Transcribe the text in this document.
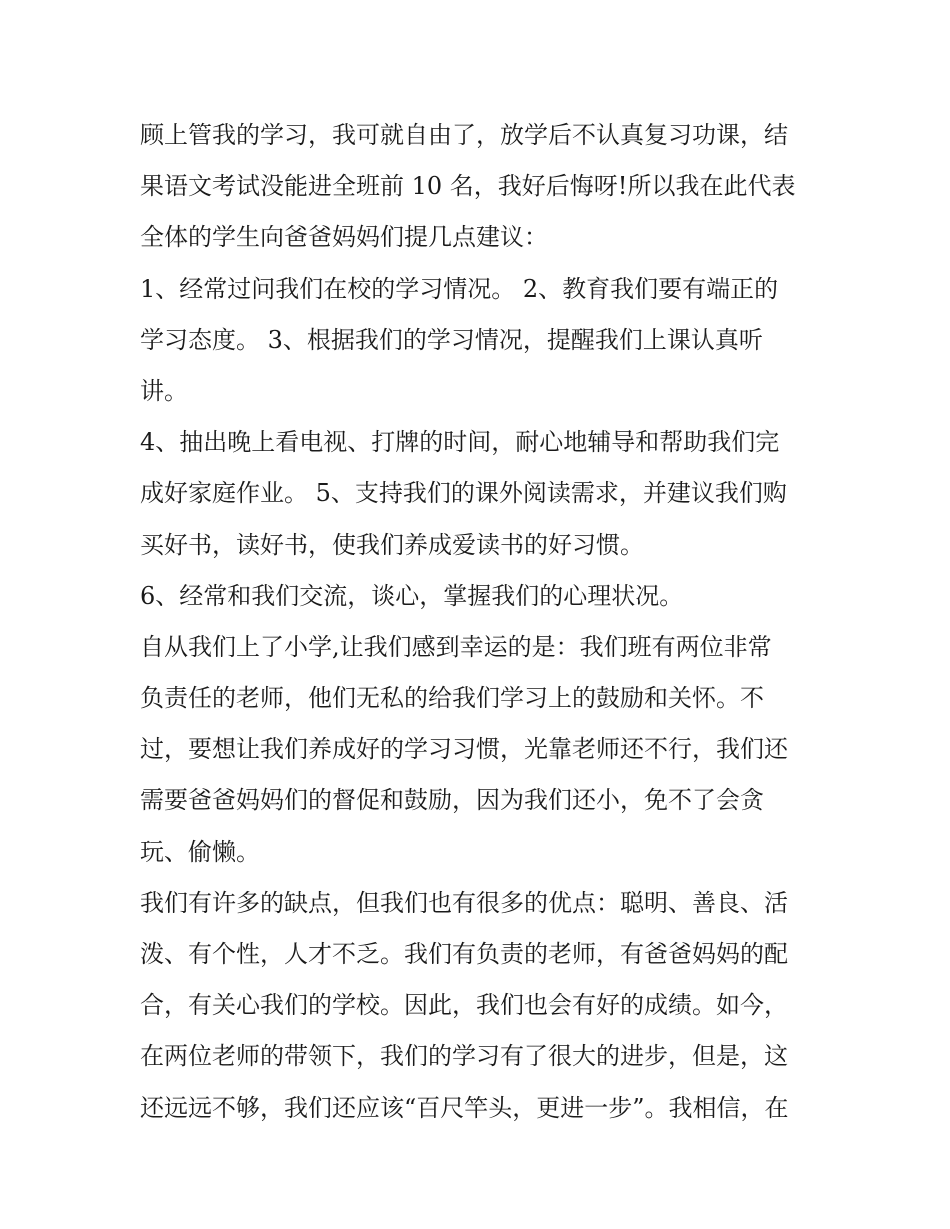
顾上管我的学习，我可就自由了，放学后不认真复习功课，结
果语文考试没能进全班前 10 名，我好后悔呀!所以我在此代表
全体的学生向爸爸妈妈们提几点建议：
1、经常过问我们在校的学习情况。 2、教育我们要有端正的
学习态度。 3、根据我们的学习情况，提醒我们上课认真听
讲。
4、抽出晚上看电视、打牌的时间，耐心地辅导和帮助我们完
成好家庭作业。 5、支持我们的课外阅读需求，并建议我们购
买好书，读好书，使我们养成爱读书的好习惯。
6、经常和我们交流，谈心，掌握我们的心理状况。
自从我们上了小学,让我们感到幸运的是：我们班有两位非常
负责任的老师，他们无私的给我们学习上的鼓励和关怀。不
过，要想让我们养成好的学习习惯，光靠老师还不行，我们还
需要爸爸妈妈们的督促和鼓励，因为我们还小，免不了会贪
玩、偷懒。
我们有许多的缺点，但我们也有很多的优点：聪明、善良、活
泼、有个性，人才不乏。我们有负责的老师，有爸爸妈妈的配
合，有关心我们的学校。因此，我们也会有好的成绩。如今，
在两位老师的带领下，我们的学习有了很大的进步，但是，这
还远远不够，我们还应该“百尺竿头，更进一步”。我相信，在
